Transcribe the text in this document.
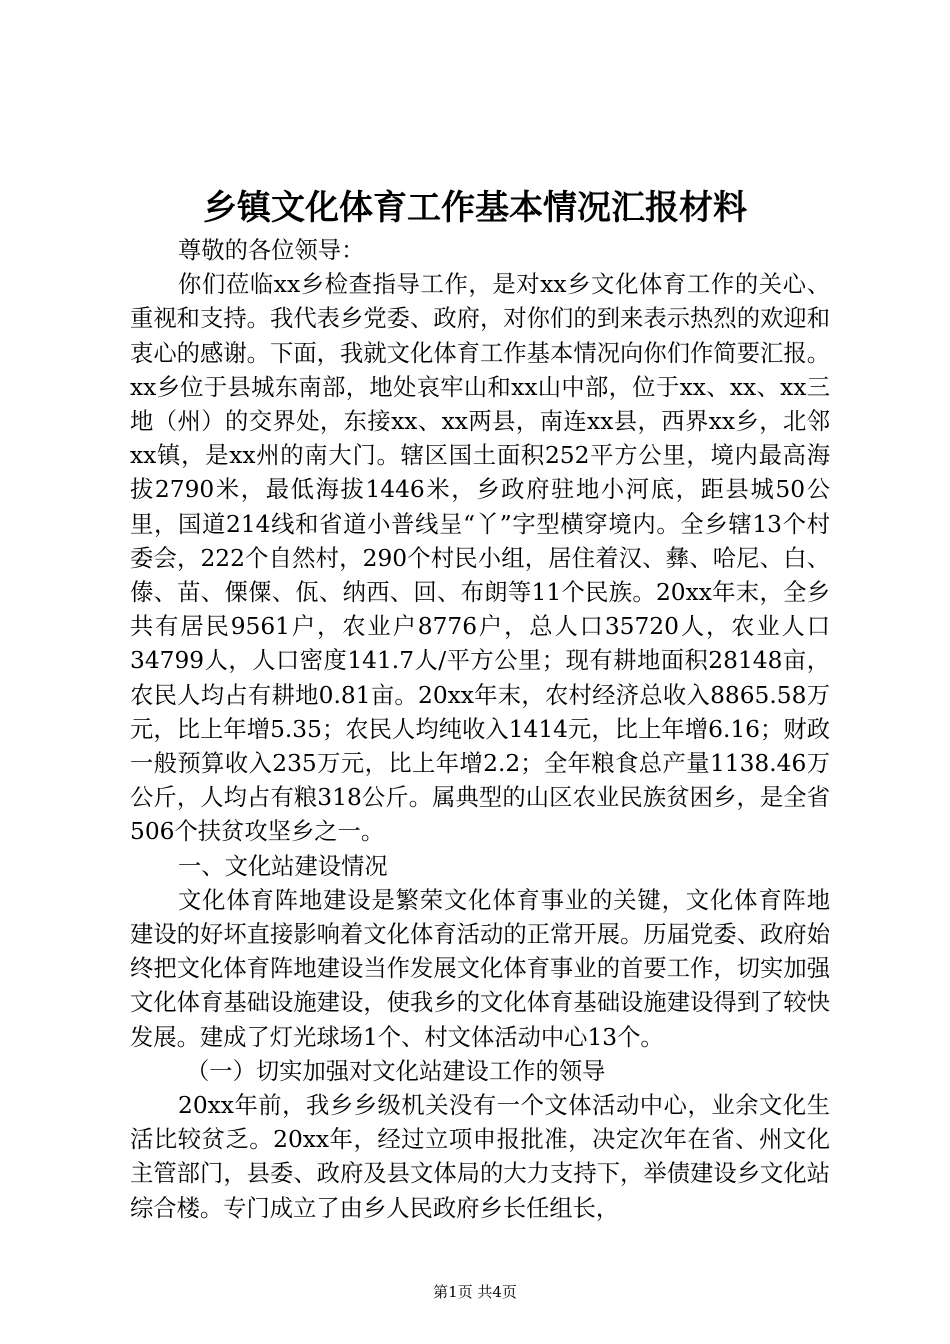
乡镇文化体育工作基本情况汇报材料

尊敬的各位领导：

你们莅临xx乡检查指导工作，是对xx乡文化体育工作的关心、重视和支持。我代表乡党委、政府，对你们的到来表示热烈的欢迎和衷心的感谢。下面，我就文化体育工作基本情况向你们作简要汇报。xx乡位于县城东南部，地处哀牢山和xx山中部，位于xx、xx、xx三地（州）的交界处，东接xx、xx两县，南连xx县，西界xx乡，北邻xx镇，是xx州的南大门。辖区国土面积252平方公里，境内最高海拔2790米，最低海拔1446米，乡政府驻地小河底，距县城50公里，国道214线和省道小普线呈“丫”字型横穿境内。全乡辖13个村委会，222个自然村，290个村民小组，居住着汉、彝、哈尼、白、傣、苗、傈僳、佤、纳西、回、布朗等11个民族。20xx年末，全乡共有居民9561户，农业户8776户，总人口35720人，农业人口34799人，人口密度141.7人/平方公里；现有耕地面积28148亩，农民人均占有耕地0.81亩。20xx年末，农村经济总收入8865.58万元，比上年增5.35；农民人均纯收入1414元，比上年增6.16；财政一般预算收入235万元，比上年增2.2；全年粮食总产量1138.46万公斤，人均占有粮318公斤。属典型的山区农业民族贫困乡，是全省506个扶贫攻坚乡之一。

一、文化站建设情况

文化体育阵地建设是繁荣文化体育事业的关键，文化体育阵地建设的好坏直接影响着文化体育活动的正常开展。历届党委、政府始终把文化体育阵地建设当作发展文化体育事业的首要工作，切实加强文化体育基础设施建设，使我乡的文化体育基础设施建设得到了较快发展。建成了灯光球场1个、村文体活动中心13个。

（一）切实加强对文化站建设工作的领导

20xx年前，我乡乡级机关没有一个文体活动中心，业余文化生活比较贫乏。20xx年，经过立项申报批准，决定次年在省、州文化主管部门，县委、政府及县文体局的大力支持下，举债建设乡文化站综合楼。专门成立了由乡人民政府乡长任组长，

第1页 共4页
